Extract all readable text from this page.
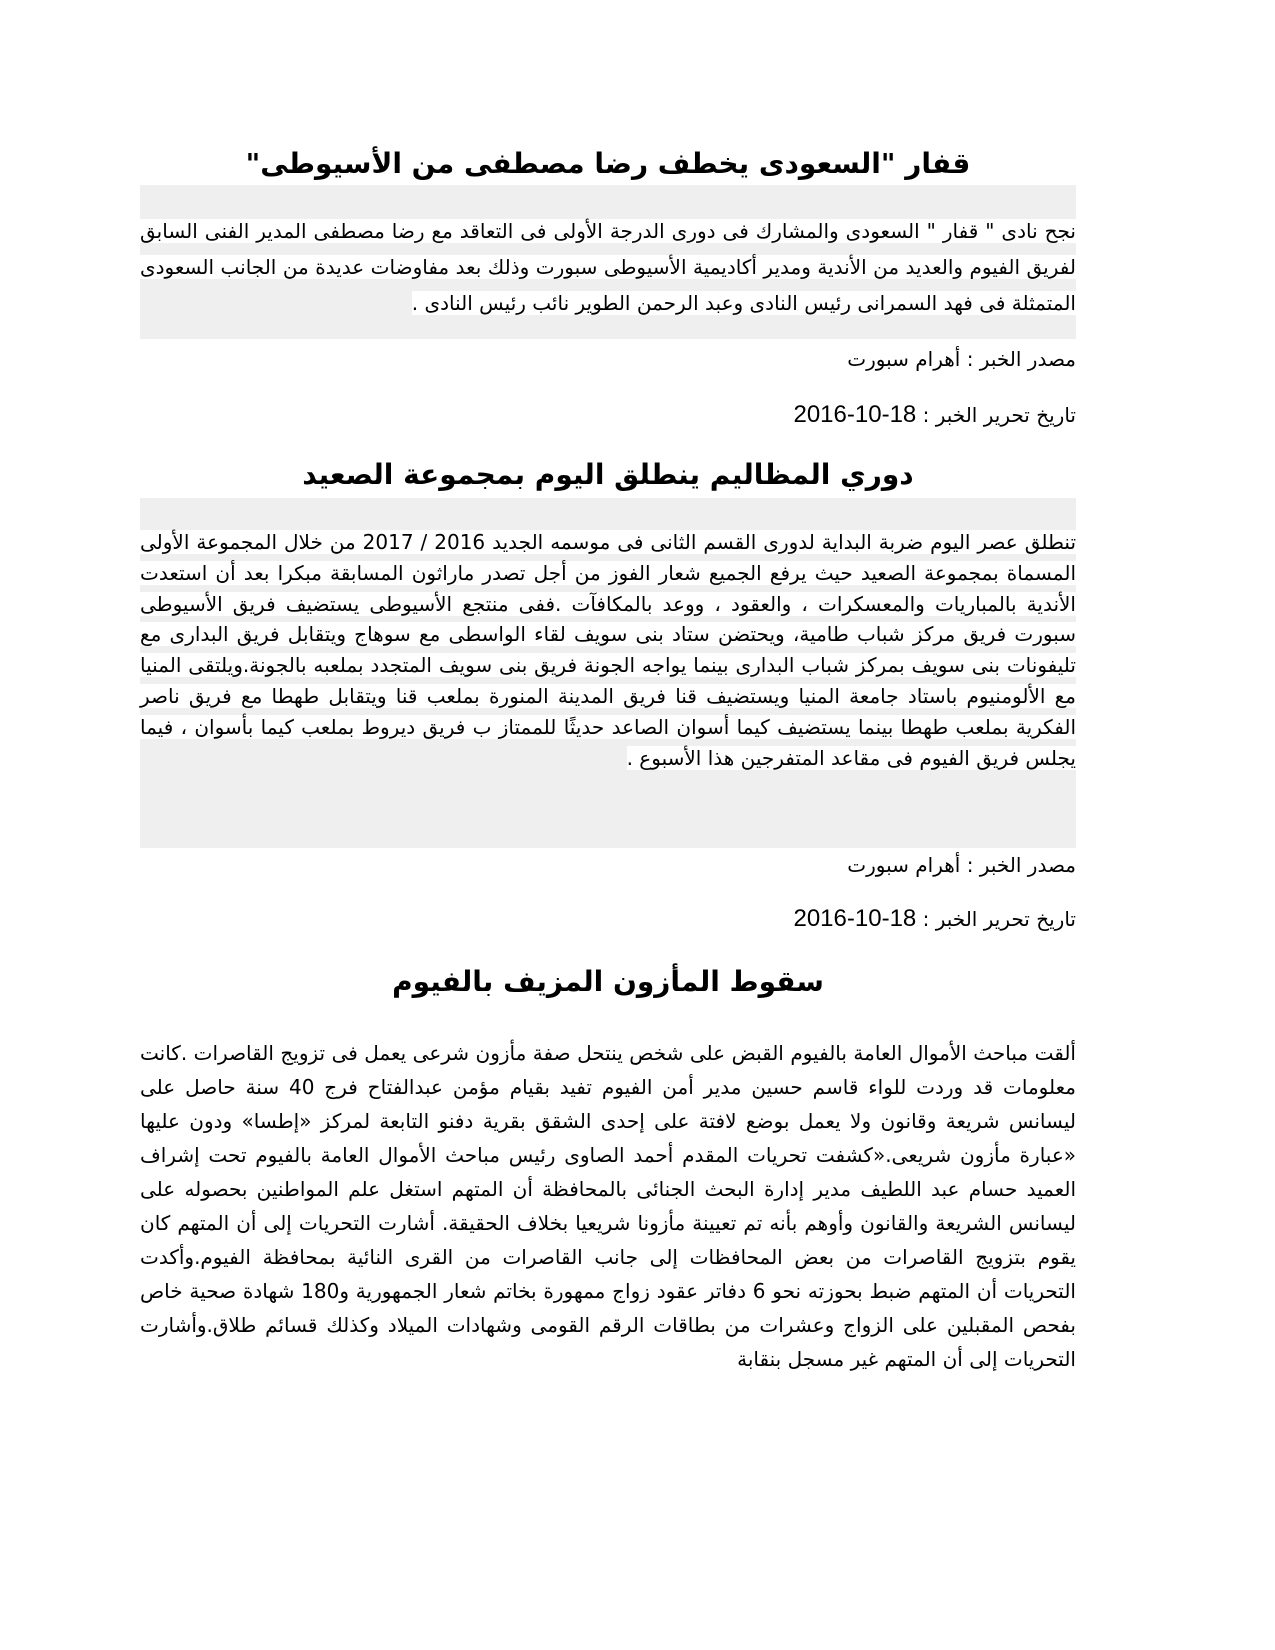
قفار "السعودى يخطف رضا مصطفى من الأسيوطى"

نجح نادى " قفار " السعودى والمشارك فى دورى الدرجة الأولى فى التعاقد مع رضا مصطفى المدير الفنى السابق لفريق الفيوم والعديد من الأندية ومدير أكاديمية الأسيوطى سبورت وذلك بعد مفاوضات عديدة من الجانب السعودى المتمثلة فى فهد السمرانى رئيس النادى وعبد الرحمن الطوير نائب رئيس النادى .

مصدر الخبر : أهرام سبورت

تاريخ تحرير الخبر : 18-10-2016

دوري المظاليم ينطلق اليوم بمجموعة الصعيد

تنطلق عصر اليوم ضربة البداية لدورى القسم الثانى فى موسمه الجديد 2016 / 2017 من خلال المجموعة الأولى المسماة بمجموعة الصعيد حيث يرفع الجميع شعار الفوز من أجل تصدر ماراثون المسابقة مبكرا بعد أن استعدت الأندية بالمباريات والمعسكرات ، والعقود ، ووعد بالمكافآت .ففى منتجع الأسيوطى يستضيف فريق الأسيوطى سبورت فريق مركز شباب طامية، ويحتضن ستاد بنى سويف لقاء الواسطى مع سوهاج ويتقابل فريق البدارى مع تليفونات بنى سويف بمركز شباب البدارى بينما يواجه الجونة فريق بنى سويف المتجدد بملعبه بالجونة.ويلتقى المنيا مع الألومنيوم باستاد جامعة المنيا ويستضيف قنا فريق المدينة المنورة بملعب قنا ويتقابل طهطا مع فريق ناصر الفكرية بملعب طهطا بينما يستضيف كيما أسوان الصاعد حديثًا للممتاز ب فريق ديروط بملعب كيما بأسوان ، فيما يجلس فريق الفيوم فى مقاعد المتفرجين هذا الأسبوع .

مصدر الخبر : أهرام سبورت

تاريخ تحرير الخبر : 18-10-2016

سقوط المأزون المزيف بالفيوم

ألقت مباحث الأموال العامة بالفيوم القبض على شخص ينتحل صفة مأزون شرعى يعمل فى تزويج القاصرات .كانت معلومات قد وردت للواء قاسم حسين مدير أمن الفيوم تفيد بقيام مؤمن عبدالفتاح فرج 40 سنة حاصل على ليسانس شريعة وقانون ولا يعمل بوضع لافتة على إحدى الشقق بقرية دفنو التابعة لمركز «إطسا» ودون عليها «عبارة مأزون شريعى.«كشفت تحريات المقدم أحمد الصاوى رئيس مباحث الأموال العامة بالفيوم تحت إشراف العميد حسام عبد اللطيف مدير إدارة البحث الجنائى بالمحافظة أن المتهم استغل علم المواطنين بحصوله على ليسانس الشريعة والقانون وأوهم بأنه تم تعيينة مأزونا شريعيا بخلاف الحقيقة. أشارت التحريات إلى أن المتهم كان يقوم بتزويج القاصرات من بعض المحافظات إلى جانب القاصرات من القرى النائية بمحافظة الفيوم.وأكدت التحريات أن المتهم ضبط بحوزته نحو 6 دفاتر عقود زواج ممهورة بخاتم شعار الجمهورية و180 شهادة صحية خاص بفحص المقبلين على الزواج وعشرات من بطاقات الرقم القومى وشهادات الميلاد وكذلك قسائم طلاق.وأشارت التحريات إلى أن المتهم غير مسجل بنقابة
